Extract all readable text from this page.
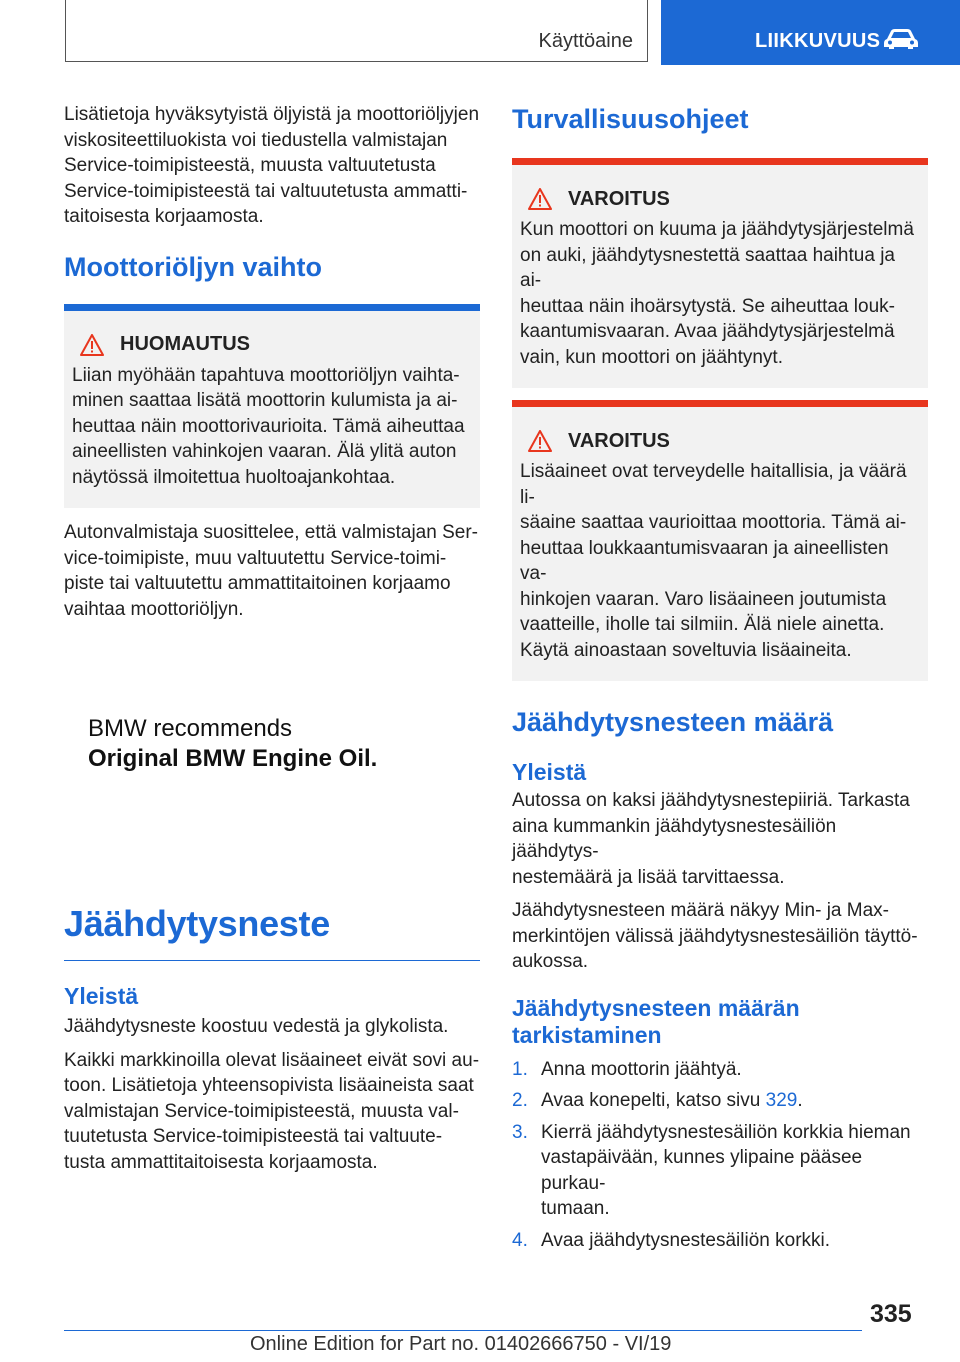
Käyttöaine	LIIKKUVUUS

Lisätietoja hyväksytyistä öljyistä ja moottoriöljyjen

viskositeettiluokista voi tiedustella valmistajan

Service-toimipisteestä, muusta valtuutetusta

Service-toimipisteestä tai valtuutetusta ammatti-

taitoisesta korjaamosta.

Moottoriöljyn vaihto
HUOMAUTUS

Liian myöhään tapahtuva moottoriöljyn vaihta-

minen saattaa lisätä moottorin kulumista ja ai-

heuttaa näin moottorivaurioita. Tämä aiheuttaa

aineellisten vahinkojen vaaran. Älä ylitä auton

näytössä ilmoitettua huoltoajankohtaa.

Autonvalmistaja suosittelee, että valmistajan Ser-

vice-toimipiste, muu valtuutettu Service-toimi-

piste tai valtuutettu ammattitaitoinen korjaamo

vaihtaa moottoriöljyn.

BMW recommends
Original BMW Engine Oil.
Jäähdytysneste
Yleistä

Jäähdytysneste koostuu vedestä ja glykolista.

Kaikki markkinoilla olevat lisäaineet eivät sovi au-

toon. Lisätietoja yhteensopivista lisäaineista saat

valmistajan Service-toimipisteestä, muusta val-

tuutetusta Service-toimipisteestä tai valtuute-

tusta ammattitaitoisesta korjaamosta.

Turvallisuusohjeet
VAROITUS

Kun moottori on kuuma ja jäähdytysjärjestelmä

on auki, jäähdytysnestettä saattaa haihtua ja ai-

heuttaa näin ihoärsytystä. Se aiheuttaa louk-

kaantumisvaaran. Avaa jäähdytysjärjestelmä

vain, kun moottori on jäähtynyt.

VAROITUS

Lisäaineet ovat terveydelle haitallisia, ja väärä li-

säaine saattaa vaurioittaa moottoria. Tämä ai-

heuttaa loukkaantumisvaaran ja aineellisten va-

hinkojen vaaran. Varo lisäaineen joutumista

vaatteille, iholle tai silmiin. Älä niele ainetta.

Käytä ainoastaan soveltuvia lisäaineita.

Jäähdytysnesteen määrä
Yleistä

Autossa on kaksi jäähdytysnestepiiriä. Tarkasta

aina kummankin jäähdytysnestesäiliön jäähdytys-

nestemäärä ja lisää tarvittaessa.

Jäähdytysnesteen määrä näkyy Min- ja Max-

merkintöjen välissä jäähdytysnestesäiliön täyttö-

aukossa.

Jäähdytysnesteen määrän
tarkistaminen
1. Anna moottorin jäähtyä.
2. Avaa konepelti, katso sivu 329.
3. Kierrä jäähdytysnestesäiliön korkkia hieman
vastapäivään, kunnes ylipaine pääsee purkau-
tumaan.
4. Avaa jäähdytysnestesäiliön korkki.
335
Online Edition for Part no. 01402666750 - VI/19
